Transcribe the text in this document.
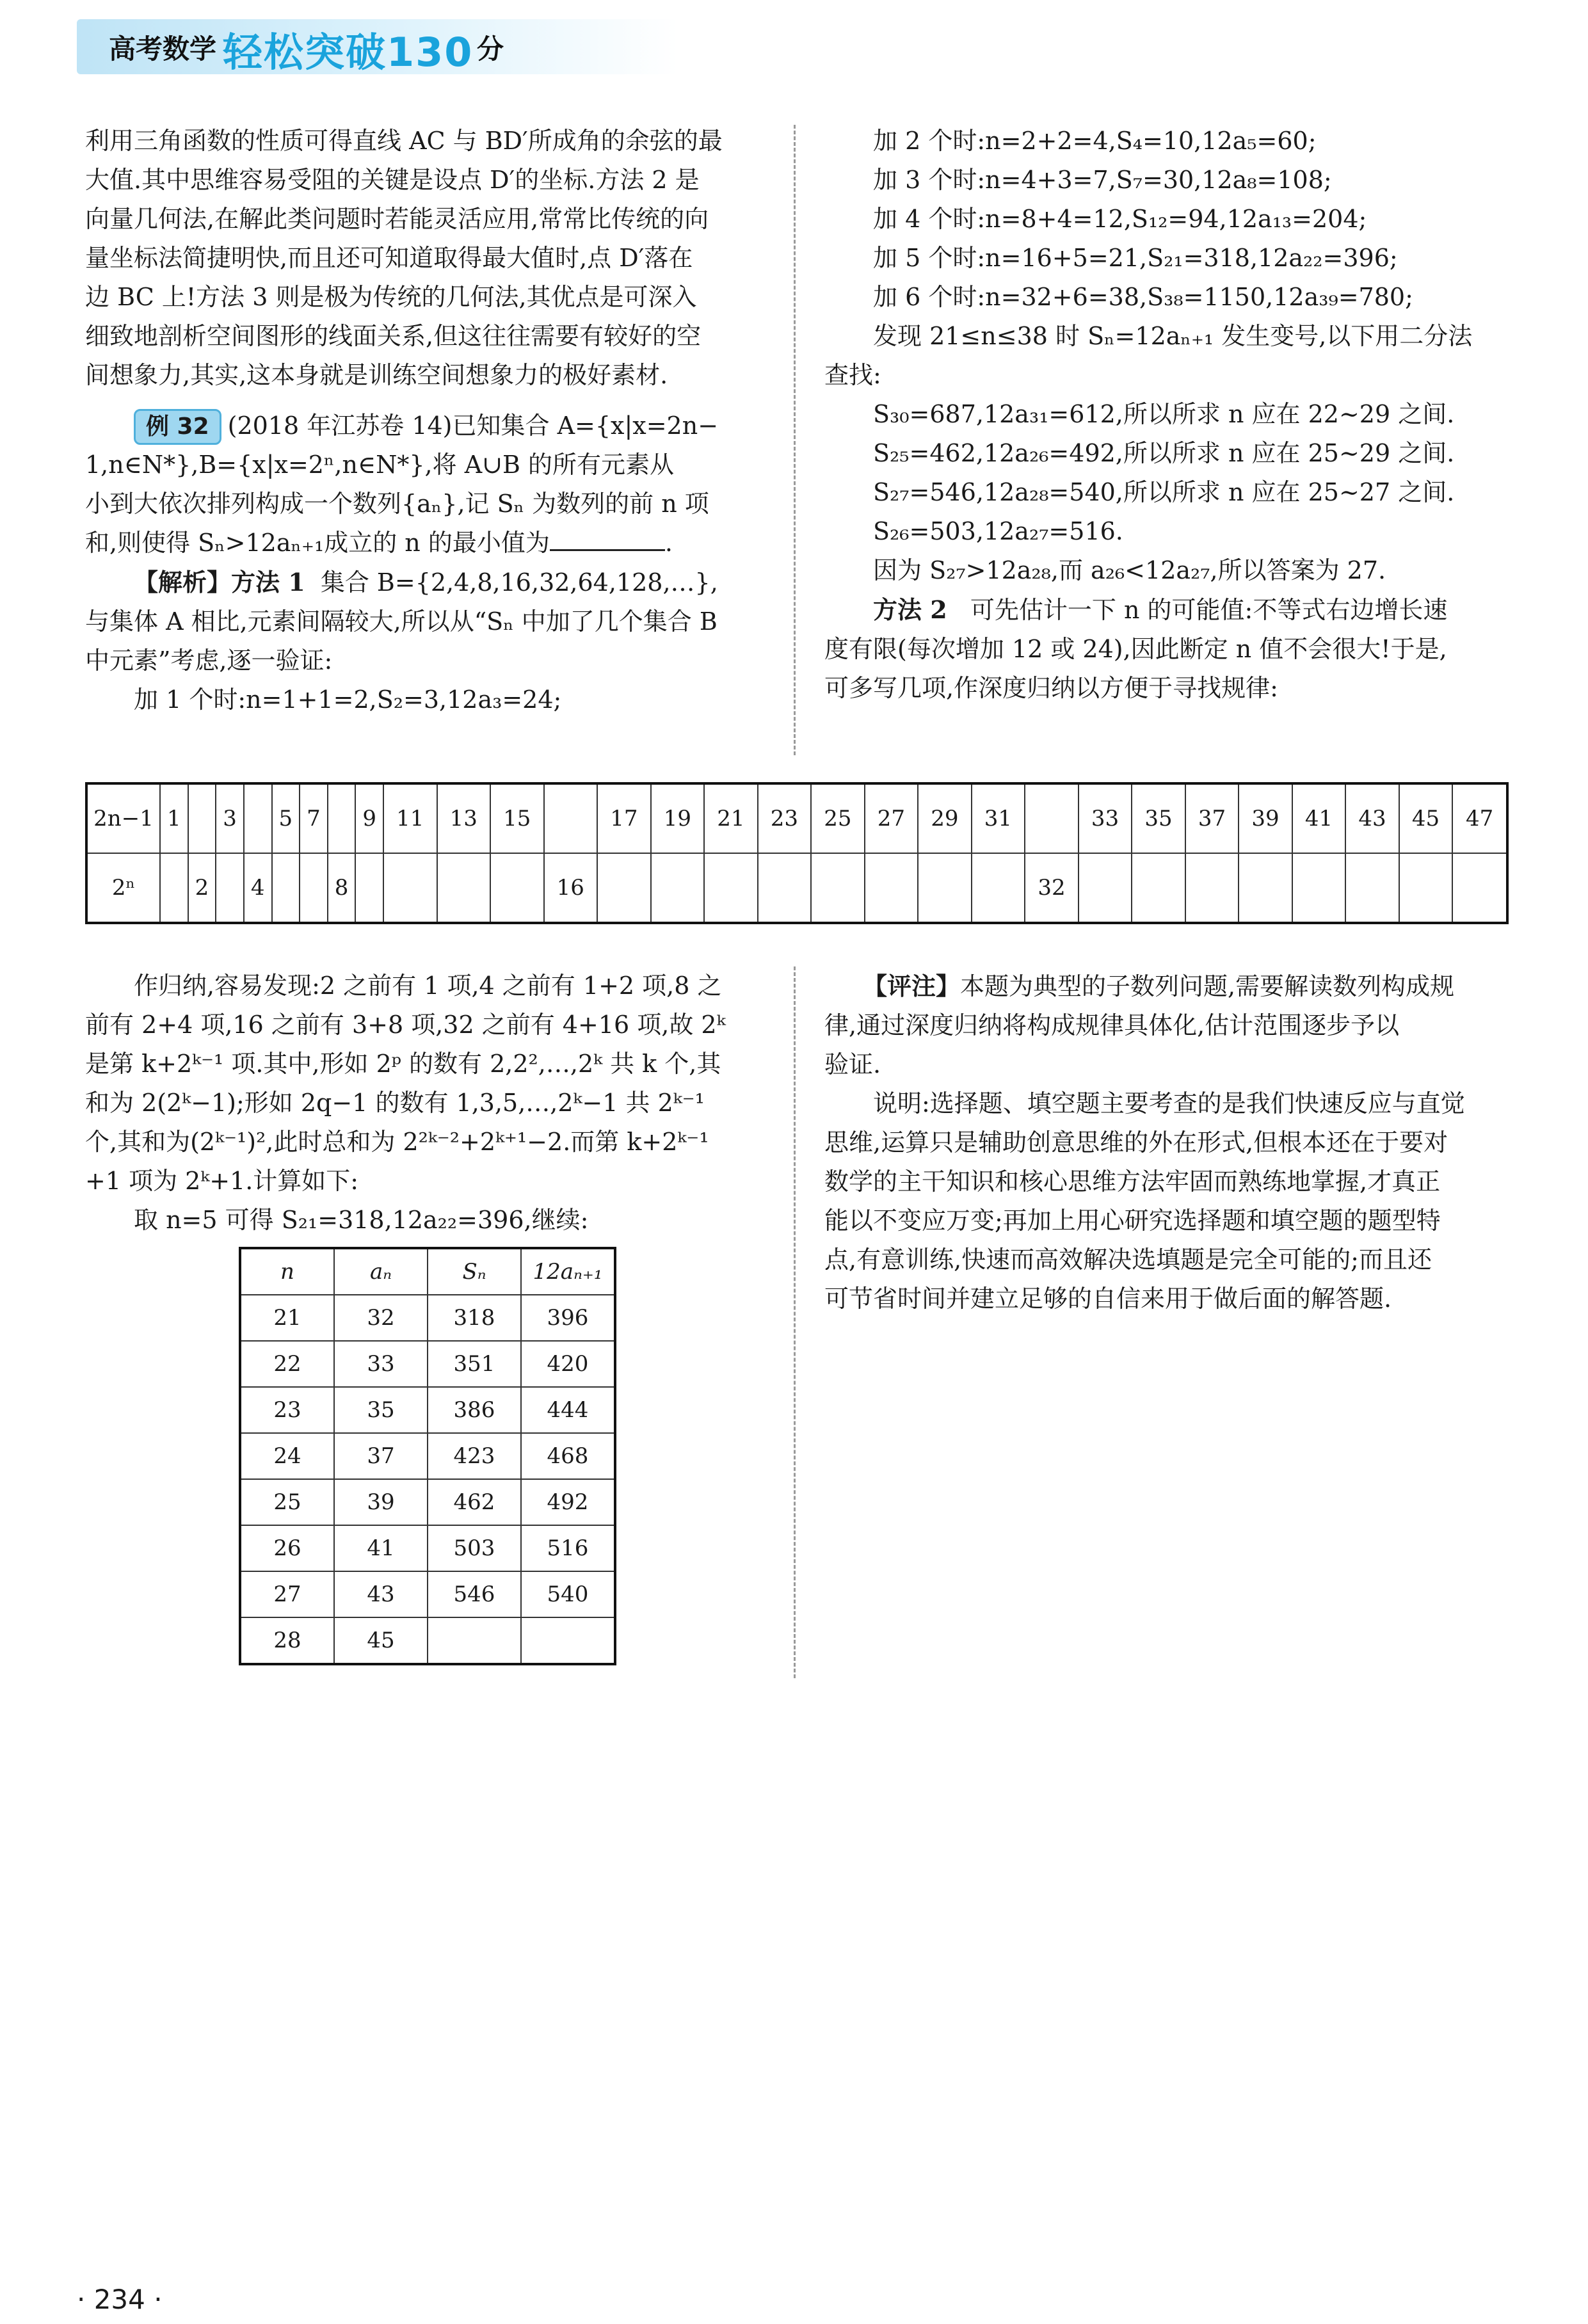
高考数学 轻松突破130 分

利用三角函数的性质可得直线 AC 与 BD′所成角的余弦的最

大值.其中思维容易受阻的关键是设点 D′的坐标.方法 2 是

向量几何法,在解此类问题时若能灵活应用,常常比传统的向

量坐标法简捷明快,而且还可知道取得最大值时,点 D′落在

边 BC 上!方法 3 则是极为传统的几何法,其优点是可深入

细致地剖析空间图形的线面关系,但这往往需要有较好的空

间想象力,其实,这本身就是训练空间想象力的极好素材.

例 32 (2018 年江苏卷 14)已知集合 A={x|x=2n−

1,n∈N*},B={x|x=2ⁿ,n∈N*},将 A∪B 的所有元素从

小到大依次排列构成一个数列{aₙ},记 Sₙ 为数列的前 n 项

和,则使得 Sₙ>12aₙ₊₁成立的 n 的最小值为	.

【解析】方法 1 集合 B={2,4,8,16,32,64,128,…},

与集体 A 相比,元素间隔较大,所以从“Sₙ 中加了几个集合 B

中元素”考虑,逐一验证:

加 1 个时:n=1+1=2,S₂=3,12a₃=24;

加 2 个时:n=2+2=4,S₄=10,12a₅=60;

加 3 个时:n=4+3=7,S₇=30,12a₈=108;

加 4 个时:n=8+4=12,S₁₂=94,12a₁₃=204;

加 5 个时:n=16+5=21,S₂₁=318,12a₂₂=396;

加 6 个时:n=32+6=38,S₃₈=1150,12a₃₉=780;

发现 21≤n≤38 时 Sₙ=12aₙ₊₁ 发生变号,以下用二分法

查找:

S₃₀=687,12a₃₁=612,所以所求 n 应在 22~29 之间.

S₂₅=462,12a₂₆=492,所以所求 n 应在 25~29 之间.

S₂₇=546,12a₂₈=540,所以所求 n 应在 25~27 之间.

S₂₆=503,12a₂₇=516.

因为 S₂₇>12a₂₈,而 a₂₆<12a₂₇,所以答案为 27.

方法 2 可先估计一下 n 的可能值:不等式右边增长速

度有限(每次增加 12 或 24),因此断定 n 值不会很大!于是,

可多写几项,作深度归纳以方便于寻找规律:

2n−1	1		3		5	7		9	11	13	15		17	19	21	23	25	27	29	31		33	35	37	39	41	43	45	47
2ⁿ		2		4			8					16									32								

作归纳,容易发现:2 之前有 1 项,4 之前有 1+2 项,8 之

前有 2+4 项,16 之前有 3+8 项,32 之前有 4+16 项,故 2ᵏ

是第 k+2ᵏ⁻¹ 项.其中,形如 2ᵖ 的数有 2,2²,…,2ᵏ 共 k 个,其

和为 2(2ᵏ−1);形如 2q−1 的数有 1,3,5,…,2ᵏ−1 共 2ᵏ⁻¹

个,其和为(2ᵏ⁻¹)²,此时总和为 2²ᵏ⁻²+2ᵏ⁺¹−2.而第 k+2ᵏ⁻¹

+1 项为 2ᵏ+1.计算如下:

取 n=5 可得 S₂₁=318,12a₂₂=396,继续:

n	aₙ	Sₙ	12aₙ₊₁
21	32	318	396
22	33	351	420
23	35	386	444
24	37	423	468
25	39	462	492
26	41	503	516
27	43	546	540
28	45		

【评注】本题为典型的子数列问题,需要解读数列构成规

律,通过深度归纳将构成规律具体化,估计范围逐步予以

验证.

说明:选择题、填空题主要考查的是我们快速反应与直觉

思维,运算只是辅助创意思维的外在形式,但根本还在于要对

数学的主干知识和核心思维方法牢固而熟练地掌握,才真正

能以不变应万变;再加上用心研究选择题和填空题的题型特

点,有意训练,快速而高效解决选填题是完全可能的;而且还

可节省时间并建立足够的自信来用于做后面的解答题.

· 234 ·
